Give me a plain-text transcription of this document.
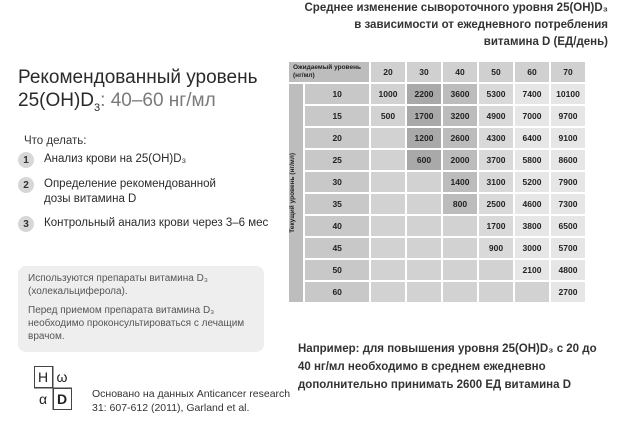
Рекомендованный уровень
$25(OH)D_3$: 40–60 нг/мл
Что делать:
1	Анализ крови на 25(OH)D₃
2	Определение рекомендованной дозы витамина D
3	Контрольный анализ крови через 3–6 мес

Используются препараты витамина D₃ (холекальциферола).

Перед приемом препарата витамина D₃ необходимо проконсультироваться с лечащим врачом.

H ω
α D Основано на данных Anticancer research 31: 607-612 (2011), Garland et al.
Среднее изменение сывороточного уровня 25(OH)D₃
в зависимости от ежедневного потребления
витамина D (ЕД/день)
Ожидаемый уровень (нг/мл)		20	30	40	50	60	70

Текущий уровень (нг/мл)	10	1000	2200	3600	5300	7400	10100
	15	500	1700	3200	4900	7000	9700
	20		1200	2600	4300	6400	9100
	25		600	2000	3700	5800	8600
	30			1400	3100	5200	7900
	35			800	2500	4600	7300
	40				1700	3800	6500
	45				900	3000	5700
	50					2100	4800
	60						2700
Например: для повышения уровня 25(OH)D₃ с 20 до 40 нг/мл необходимо в среднем ежедневно дополнительно принимать 2600 ЕД витамина D
